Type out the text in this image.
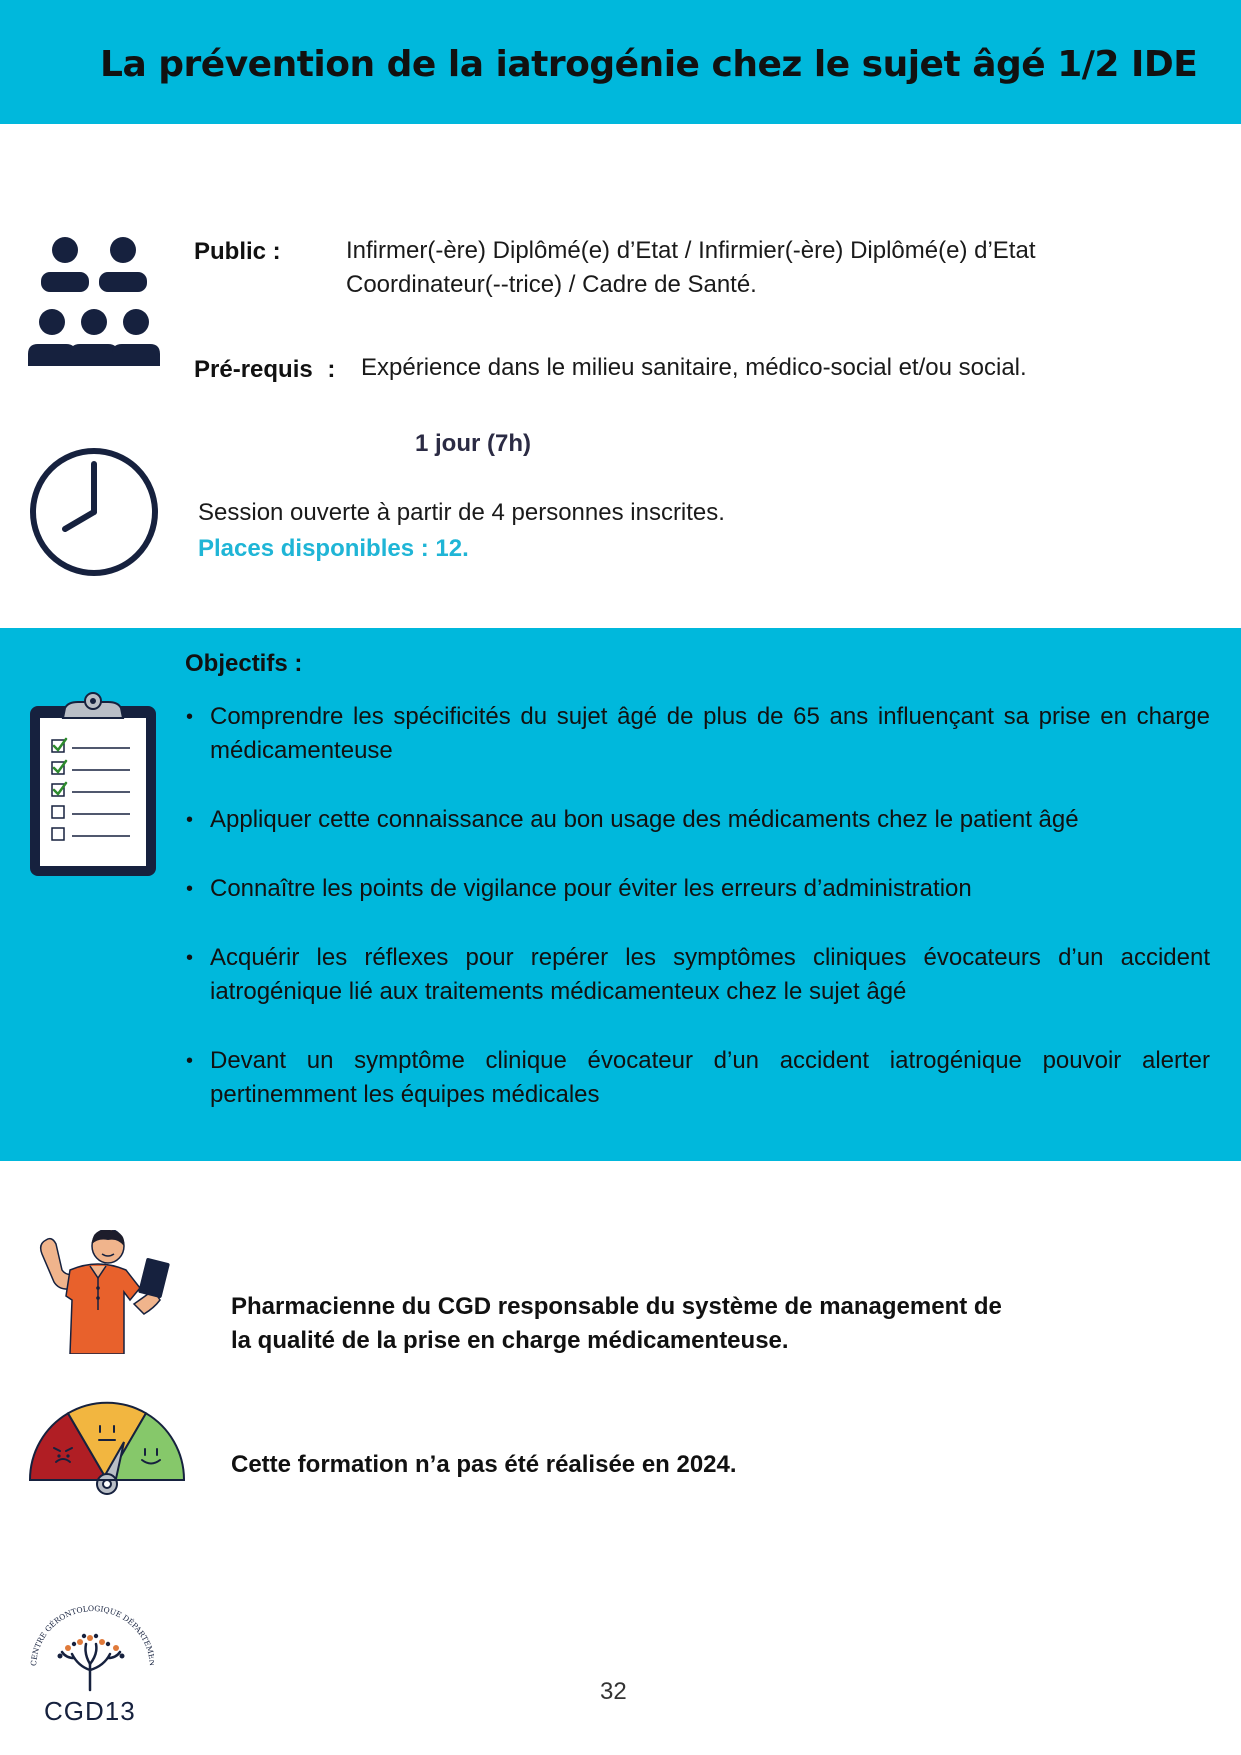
La prévention de la iatrogénie chez le sujet âgé 1/2 IDE
Public :	Infirmer(-ère) Diplômé(e) d’Etat / Infirmier(-ère) Diplômé(e) d’Etat
Coordinateur(--trice) / Cadre de Santé.
Pré-requis : Expérience dans le milieu sanitaire, médico-social et/ou social.
1 jour (7h)
Session ouverte à partir de 4 personnes inscrites.
Places disponibles : 12.
Objectifs :
• Comprendre les spécificités du sujet âgé de plus de 65 ans influençant sa prise en charge médicamenteuse
• Appliquer cette connaissance au bon usage des médicaments chez le patient âgé
• Connaître les points de vigilance pour éviter les erreurs d’administration
• Acquérir les réflexes pour repérer les symptômes cliniques évocateurs d’un accident iatrogénique lié aux traitements médicamenteux chez le sujet âgé
• Devant un symptôme clinique évocateur d’un accident iatrogénique pouvoir alerter pertinemment les équipes médicales
Pharmacienne du CGD responsable du système de management de
la qualité de la prise en charge médicamenteuse.
Cette formation n’a pas été réalisée en 2024.
CENTRE GÉRONTOLOGIQUE DÉPARTE
CGD13
32
